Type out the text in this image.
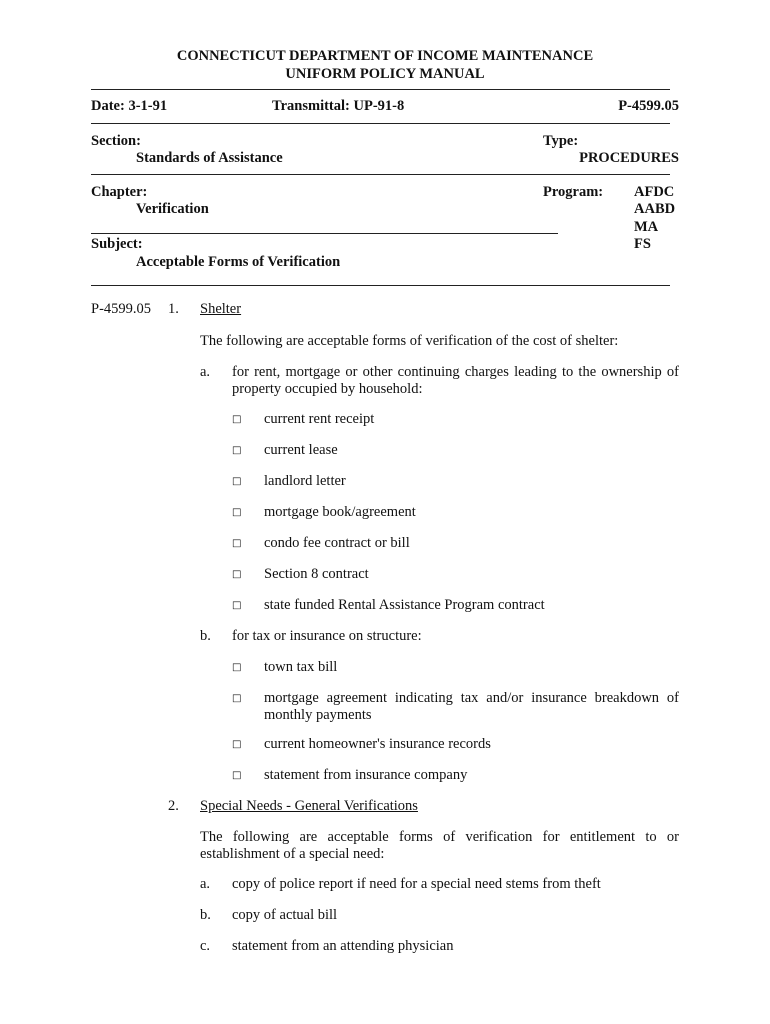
CONNECTICUT DEPARTMENT OF INCOME MAINTENANCE
UNIFORM POLICY MANUAL
Date: 3-1-91	Transmittal: UP-91-8	P-4599.05
Section:
Standards of Assistance
Type:
PROCEDURES
Chapter:
Verification
Program: AFDC
AABD
MA
FS
Subject:
Acceptable Forms of Verification
P-4599.05 1. Shelter
The following are acceptable forms of verification of the cost of shelter:
a. for rent, mortgage or other continuing charges leading to the ownership of property occupied by household:
□ current rent receipt
□ current lease
□ landlord letter
□ mortgage book/agreement
□ condo fee contract or bill
□ Section 8 contract
□ state funded Rental Assistance Program contract
b. for tax or insurance on structure:
□ town tax bill
□ mortgage agreement indicating tax and/or insurance breakdown of monthly payments
□ current homeowner's insurance records
□ statement from insurance company
2. Special Needs - General Verifications
The following are acceptable forms of verification for entitlement to or establishment of a special need:
a. copy of police report if need for a special need stems from theft
b. copy of actual bill
c. statement from an attending physician
